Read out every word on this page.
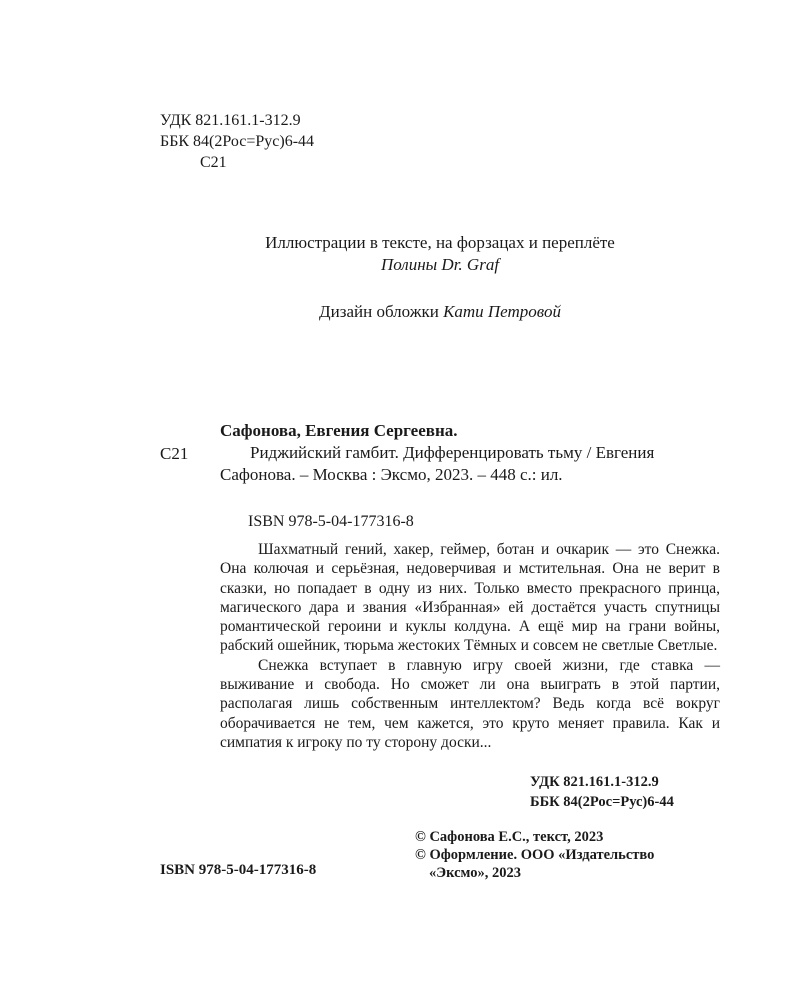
УДК 821.161.1-312.9
ББК 84(2Рос=Рус)6-44
С21
Иллюстрации в тексте, на форзацах и переплёте
Полины Dr. Graf
Дизайн обложки Кати Петровой
С21
Сафонова, Евгения Сергеевна.
Риджийский гамбит. Дифференцировать тьму / Евгения Сафонова. – Москва : Эксмо, 2023. – 448 с.: ил.
ISBN 978-5-04-177316-8

Шахматный гений, хакер, геймер, ботан и очкарик — это Снежка. Она колючая и серьёзная, недоверчивая и мстительная. Она не верит в сказки, но попадает в одну из них. Только вместо прекрасного принца, магического дара и звания «Избранная» ей достаётся участь спутницы романтической героини и куклы колдуна. А ещё мир на грани войны, рабский ошейник, тюрьма жестоких Тёмных и совсем не светлые Светлые.

Снежка вступает в главную игру своей жизни, где ставка — выживание и свобода. Но сможет ли она выиграть в этой партии, располагая лишь собственным интеллектом? Ведь когда всё вокруг оборачивается не тем, чем кажется, это круто меняет правила. Как и симпатия к игроку по ту сторону доски...

УДК 821.161.1-312.9
ББК 84(2Рос=Рус)6-44
© Сафонова Е.С., текст, 2023
© Оформление. ООО «Издательство
«Эксмо», 2023
ISBN 978-5-04-177316-8
